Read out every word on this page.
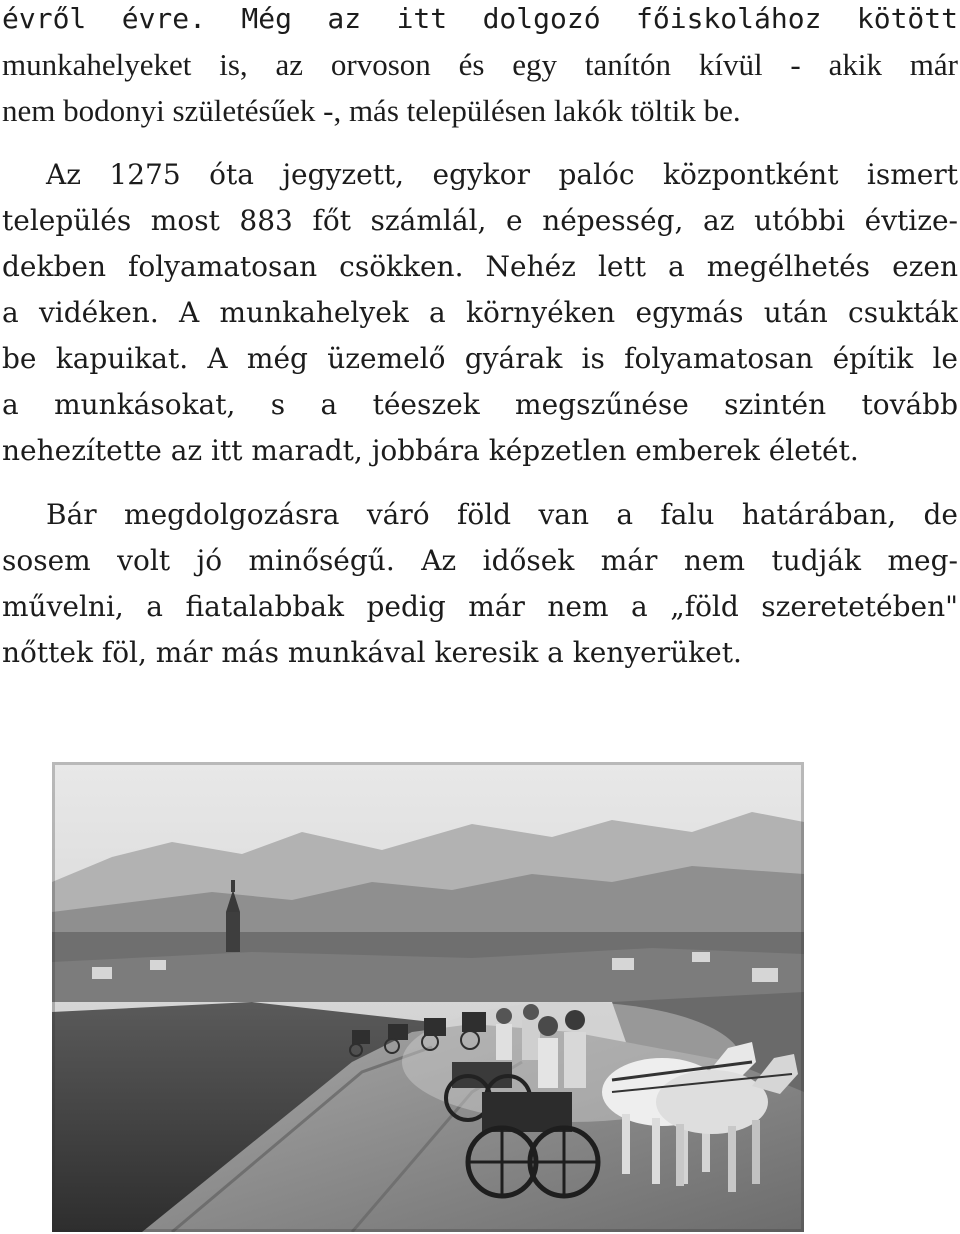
évről évre. Még az itt dolgozó főiskolához kötött
munkahelyeket is, az orvoson és egy tanítón kívül - akik már
nem bodonyi születésűek -, más településen lakók töltik be.
Az 1275 óta jegyzett, egykor palóc központként ismert
település most 883 főt számlál, e népesség, az utóbbi évtize-
dekben folyamatosan csökken. Nehéz lett a megélhetés ezen
a vidéken. A munkahelyek a környéken egymás után csukták
be kapuikat. A még üzemelő gyárak is folyamatosan építik le
a munkásokat, s a téeszek megszűnése szintén tovább
nehezítette az itt maradt, jobbára képzetlen emberek életét.
Bár megdolgozásra váró föld van a falu határában, de
sosem volt jó minőségű. Az idősek már nem tudják meg-
művelni, a fiatalabbak pedig már nem a „föld szeretetében"
nőttek föl, már más munkával keresik a kenyerüket.
